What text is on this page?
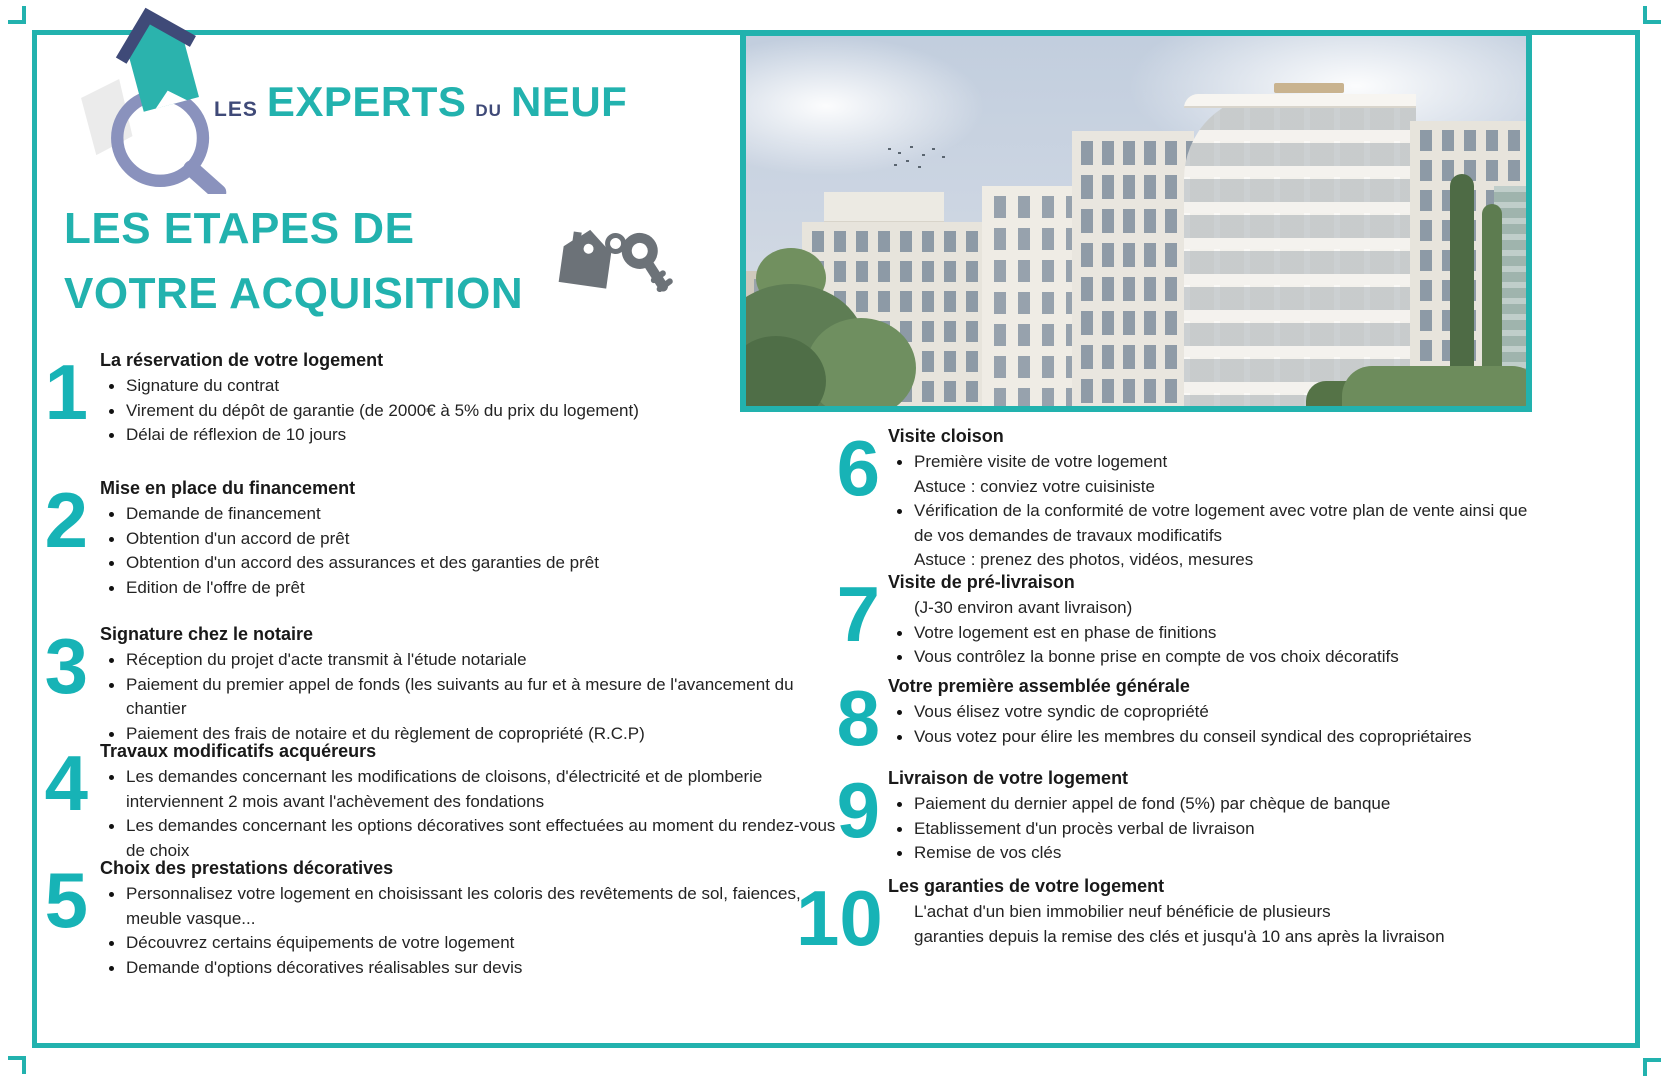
LES EXPERTS DU NEUF
LES ETAPES DE
VOTRE ACQUISITION
1 La réservation de votre logement
Signature du contrat
Virement du dépôt de garantie (de 2000€ à 5% du prix du logement)
Délai de réflexion de 10 jours
2 Mise en place du financement
Demande de financement
Obtention d'un accord de prêt
Obtention d'un accord des assurances et des garanties de prêt
Edition de l'offre de prêt
3 Signature chez le notaire
Réception du projet d'acte transmit à l'étude notariale
Paiement du premier appel de fonds (les suivants au fur et à mesure de l'avancement du chantier
Paiement des frais de notaire et du règlement de copropriété (R.C.P)
4 Travaux modificatifs acquéreurs
Les demandes concernant les modifications de cloisons, d'électricité et de plomberie interviennent 2 mois avant l'achèvement des fondations
Les demandes concernant les options décoratives sont effectuées au moment du rendez-vous de choix
5 Choix des prestations décoratives
Personnalisez votre logement en choisissant les coloris des revêtements de sol, faiences, meuble vasque...
Découvrez certains équipements de votre logement
Demande d'options décoratives réalisables sur devis
6 Visite cloison
Première visite de votre logement
Astuce : conviez votre cuisiniste
Vérification de la conformité de votre logement avec votre plan de vente ainsi que de vos demandes de travaux modificatifs
Astuce : prenez des photos, vidéos, mesures
7 Visite de pré-livraison
(J-30 environ avant livraison)
Votre logement est en phase de finitions
Vous contrôlez la bonne prise en compte de vos choix décoratifs
8 Votre première assemblée générale
Vous élisez votre syndic de copropriété
Vous votez pour élire les membres du conseil syndical des copropriétaires
9 Livraison de votre logement
Paiement du dernier appel de fond (5%) par chèque de banque
Etablissement d'un procès verbal de livraison
Remise de vos clés
10 Les garanties de votre logement
L'achat d'un bien immobilier neuf bénéficie de plusieurs
garanties depuis la remise des clés et jusqu'à 10 ans après la livraison
